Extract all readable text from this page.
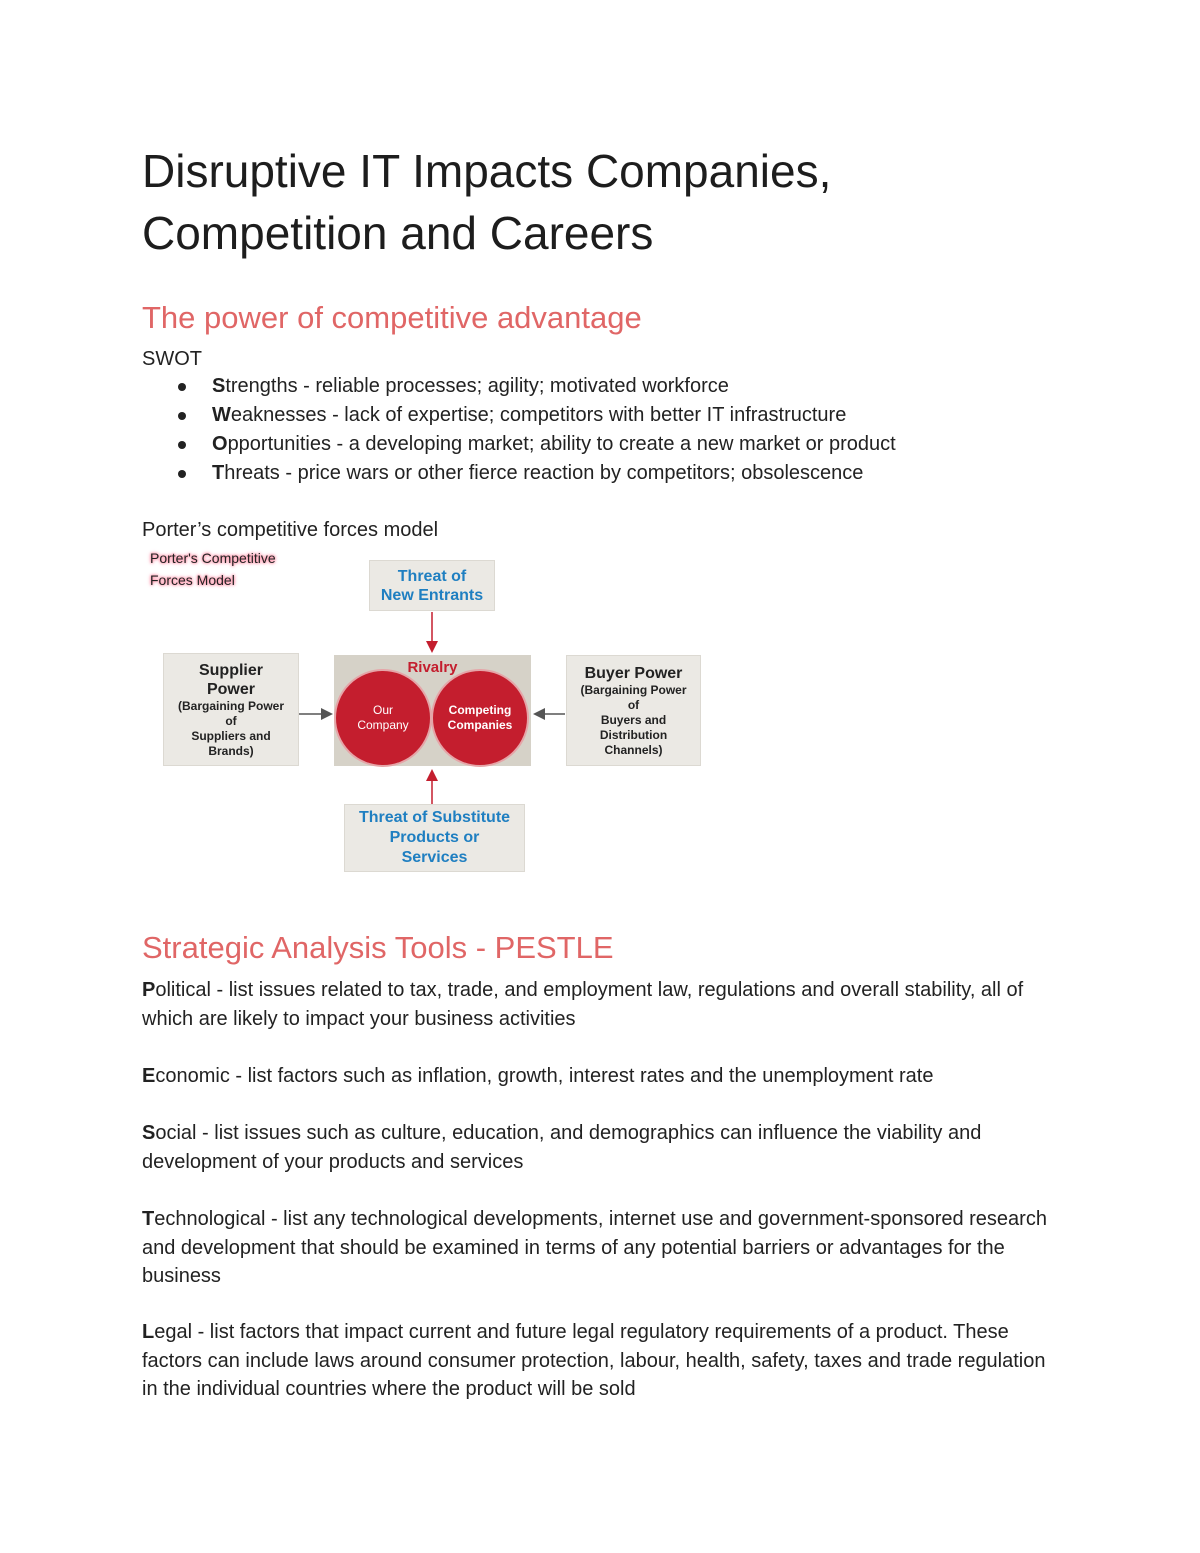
Disruptive IT Impacts Companies, Competition and Careers
The power of competitive advantage
SWOT
Strengths - reliable processes; agility; motivated workforce
Weaknesses - lack of expertise; competitors with better IT infrastructure
Opportunities - a developing market; ability to create a new market or product
Threats - price wars or other fierce reaction by competitors; obsolescence
Porter’s competitive forces model
Porter's Competitive
Forces Model	Threat of
New Entrants
Supplier
Power
(Bargaining Power
of
Suppliers and
Brands)
Rivalry
Our
Company
Competing
Companies
Buyer Power
(Bargaining Power
of
Buyers and
Distribution
Channels)
Threat of Substitute
Products or
Services
Strategic Analysis Tools - PESTLE
Political - list issues related to tax, trade, and employment law, regulations and overall stability, all of which are likely to impact your business activities
Economic - list factors such as inflation, growth, interest rates and the unemployment rate
Social - list issues such as culture, education, and demographics can influence the viability and development of your products and services
Technological - list any technological developments, internet use and government-sponsored research and development that should be examined in terms of any potential barriers or advantages for the business
Legal - list factors that impact current and future legal regulatory requirements of a product. These factors can include laws around consumer protection, labour, health, safety, taxes and trade regulation in the individual countries where the product will be sold
